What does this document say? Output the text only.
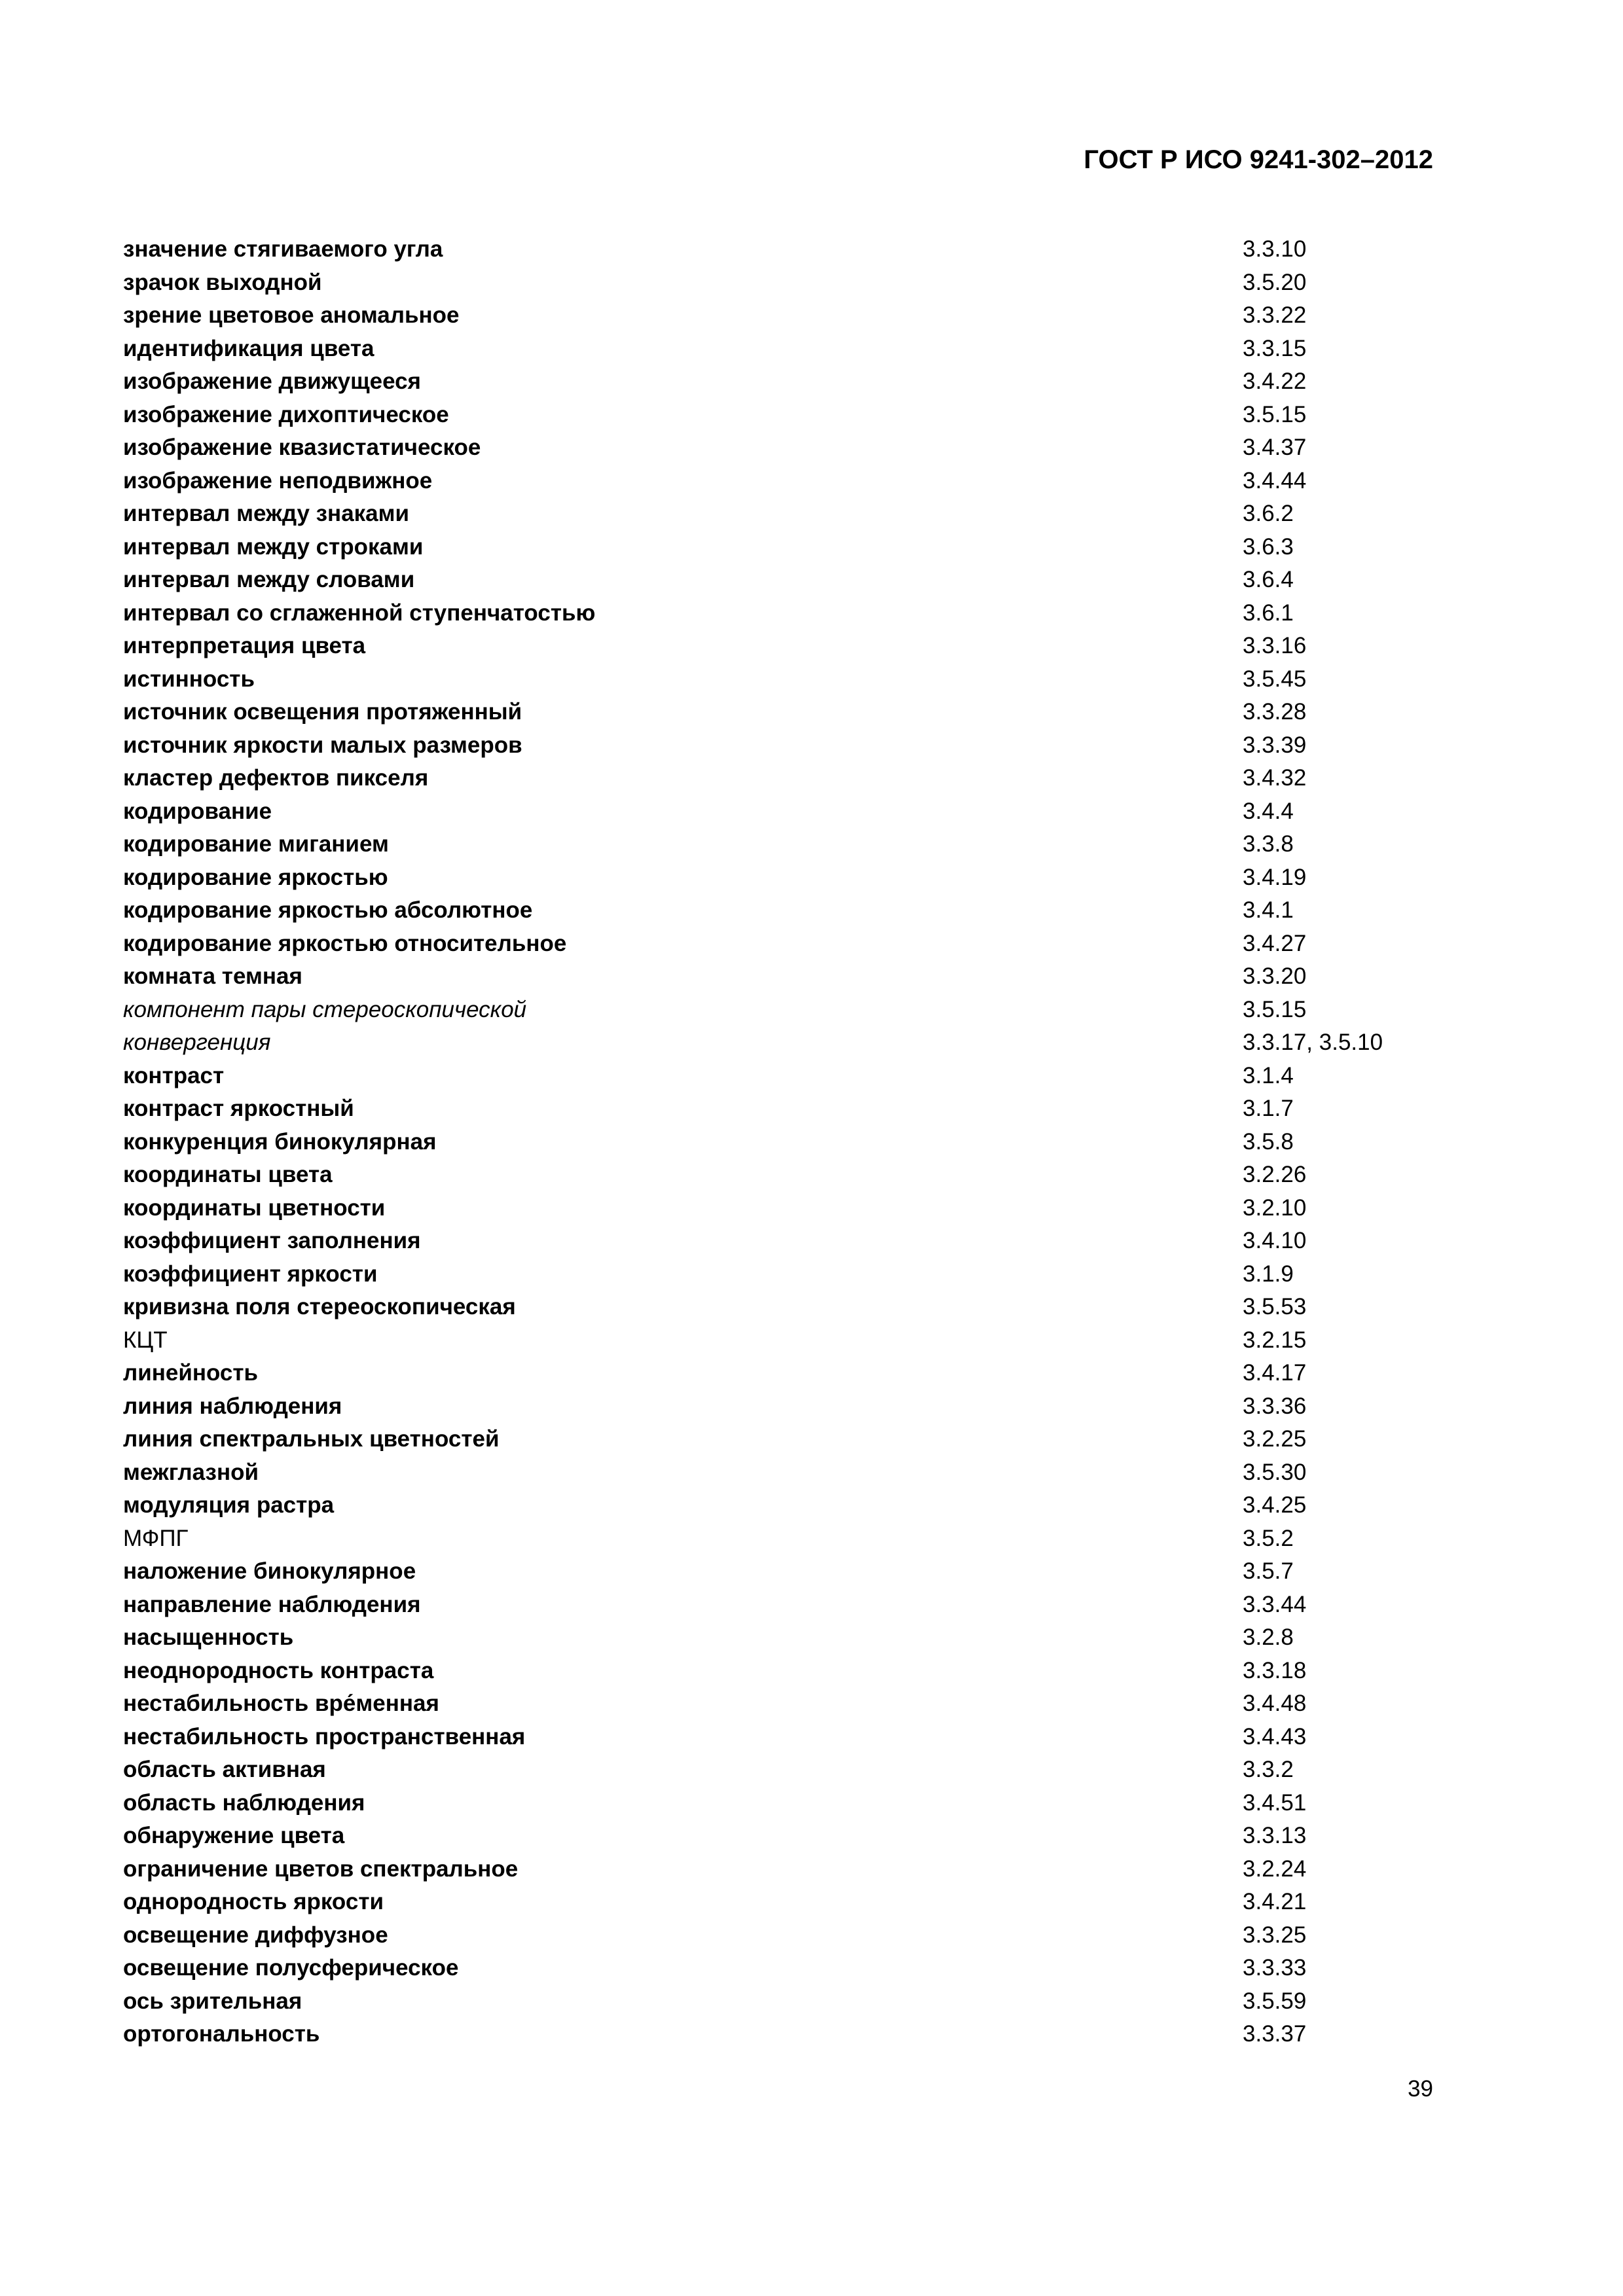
ГОСТ Р ИСО 9241-302–2012
значение стягиваемого угла	3.3.10
зрачок выходной	3.5.20
зрение цветовое аномальное	3.3.22
идентификация цвета	3.3.15
изображение движущееся	3.4.22
изображение дихоптическое	3.5.15
изображение квазистатическое	3.4.37
изображение неподвижное	3.4.44
интервал между знаками	3.6.2
интервал между строками	3.6.3
интервал между словами	3.6.4
интервал со сглаженной ступенчатостью	3.6.1
интерпретация цвета	3.3.16
истинность	3.5.45
источник освещения протяженный	3.3.28
источник яркости малых размеров	3.3.39
кластер дефектов пикселя	3.4.32
кодирование	3.4.4
кодирование миганием	3.3.8
кодирование яркостью	3.4.19
кодирование яркостью абсолютное	3.4.1
кодирование яркостью относительное	3.4.27
комната темная	3.3.20
компонент пары стереоскопической	3.5.15
конвергенция	3.3.17, 3.5.10
контраст	3.1.4
контраст яркостный	3.1.7
конкуренция бинокулярная	3.5.8
координаты цвета	3.2.26
координаты цветности	3.2.10
коэффициент заполнения	3.4.10
коэффициент яркости	3.1.9
кривизна поля стереоскопическая	3.5.53
КЦТ	3.2.15
линейность	3.4.17
линия наблюдения	3.3.36
линия спектральных цветностей	3.2.25
межглазной	3.5.30
модуляция растра	3.4.25
МФПГ	3.5.2
наложение бинокулярное	3.5.7
направление наблюдения	3.3.44
насыщенность	3.2.8
неоднородность контраста	3.3.18
нестабильность вре́менная	3.4.48
нестабильность пространственная	3.4.43
область активная	3.3.2
область наблюдения	3.4.51
обнаружение цвета	3.3.13
ограничение цветов спектральное	3.2.24
однородность яркости	3.4.21
освещение диффузное	3.3.25
освещение полусферическое	3.3.33
ось зрительная	3.5.59
ортогональность	3.3.37
39
